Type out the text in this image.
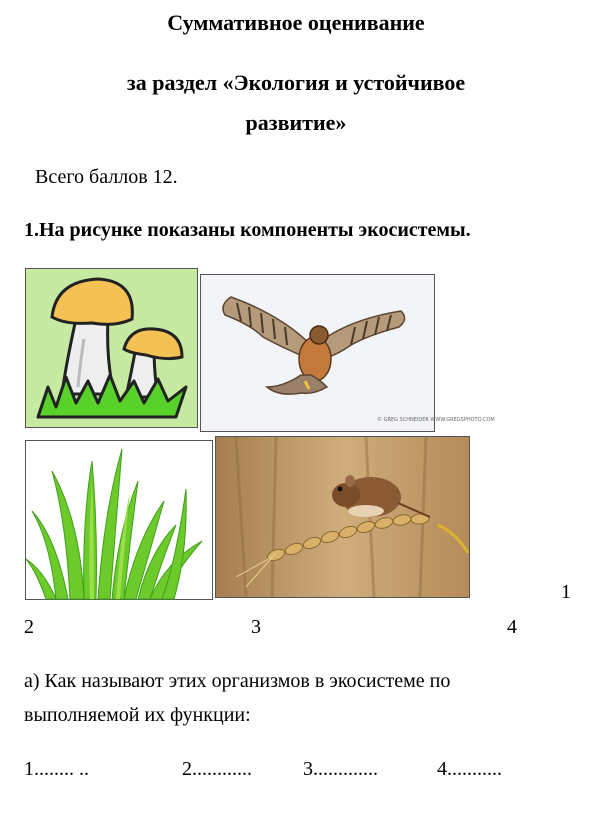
Суммативное оценивание
за раздел «Экология и устойчивое
развитие»
Всего баллов 12.
1.На рисунке показаны компоненты экосистемы.
© GREG SCHNEIDER WWW.GREGSPHOTO.COM
1
2	3	4
а) Как называют этих организмов в экосистеме по
выполняемой их функции:
1........ ..	2............	3.............	4...........
